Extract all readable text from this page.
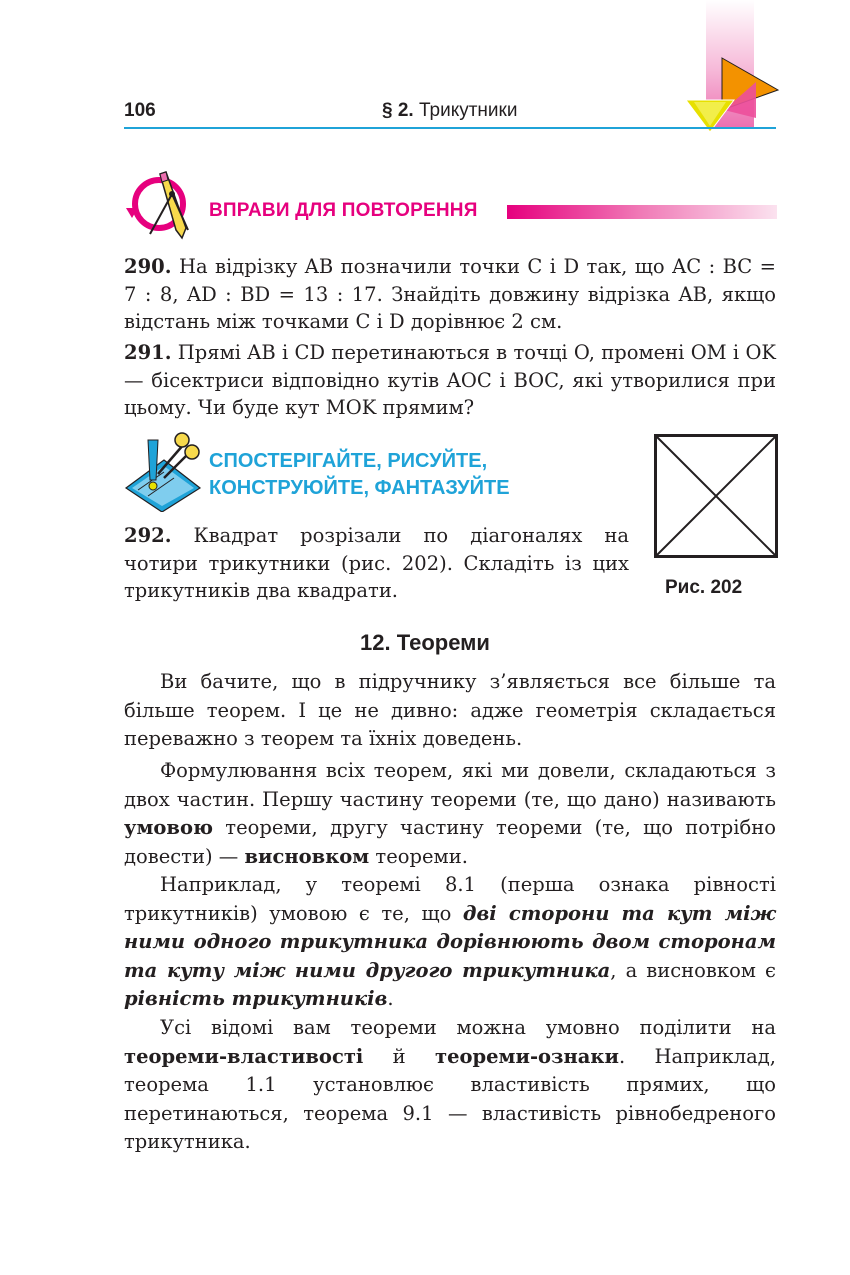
106	§ 2. Трикутники
ВПРАВИ ДЛЯ ПОВТОРЕННЯ
290. На відрізку AB позначили точки C і D так, що AC : BC = 7 : 8, AD : BD = 13 : 17. Знайдіть довжину відрізка AB, якщо відстань між точками C і D дорівнює 2 см.
291. Прямі AB і CD перетинаються в точці O, промені OM і OK — бісектриси відповідно кутів AOC і BOC, які утворилися при цьому. Чи буде кут MOK прямим?
СПОСТЕРІГАЙТЕ, РИСУЙТЕ,
КОНСТРУЮЙТЕ, ФАНТАЗУЙТЕ
292. Квадрат розрізали по діагоналях на чотири трикутники (рис. 202). Складіть із цих трикутників два квадрати.	Рис. 202
12. Теореми

Ви бачите, що в підручнику з’являється все більше та більше теорем. І це не дивно: адже геометрія складається переважно з теорем та їхніх доведень.

Формулювання всіх теорем, які ми довели, складаються з двох частин. Першу частину теореми (те, що дано) називають умовою теореми, другу частину теореми (те, що потрібно довести) — висновком теореми.

Наприклад, у теоремі 8.1 (перша ознака рівності трикутників) умовою є те, що дві сторони та кут між ними одного трикутника дорівнюють двом сторонам та куту між ними другого трикутника, а висновком є рівність трикутників.

Усі відомі вам теореми можна умовно поділити на теореми-властивості й теореми-ознаки. Наприклад, теорема 1.1 установлює властивість прямих, що перетинаються, теорема 9.1 — властивість рівнобедреного трикутника.
